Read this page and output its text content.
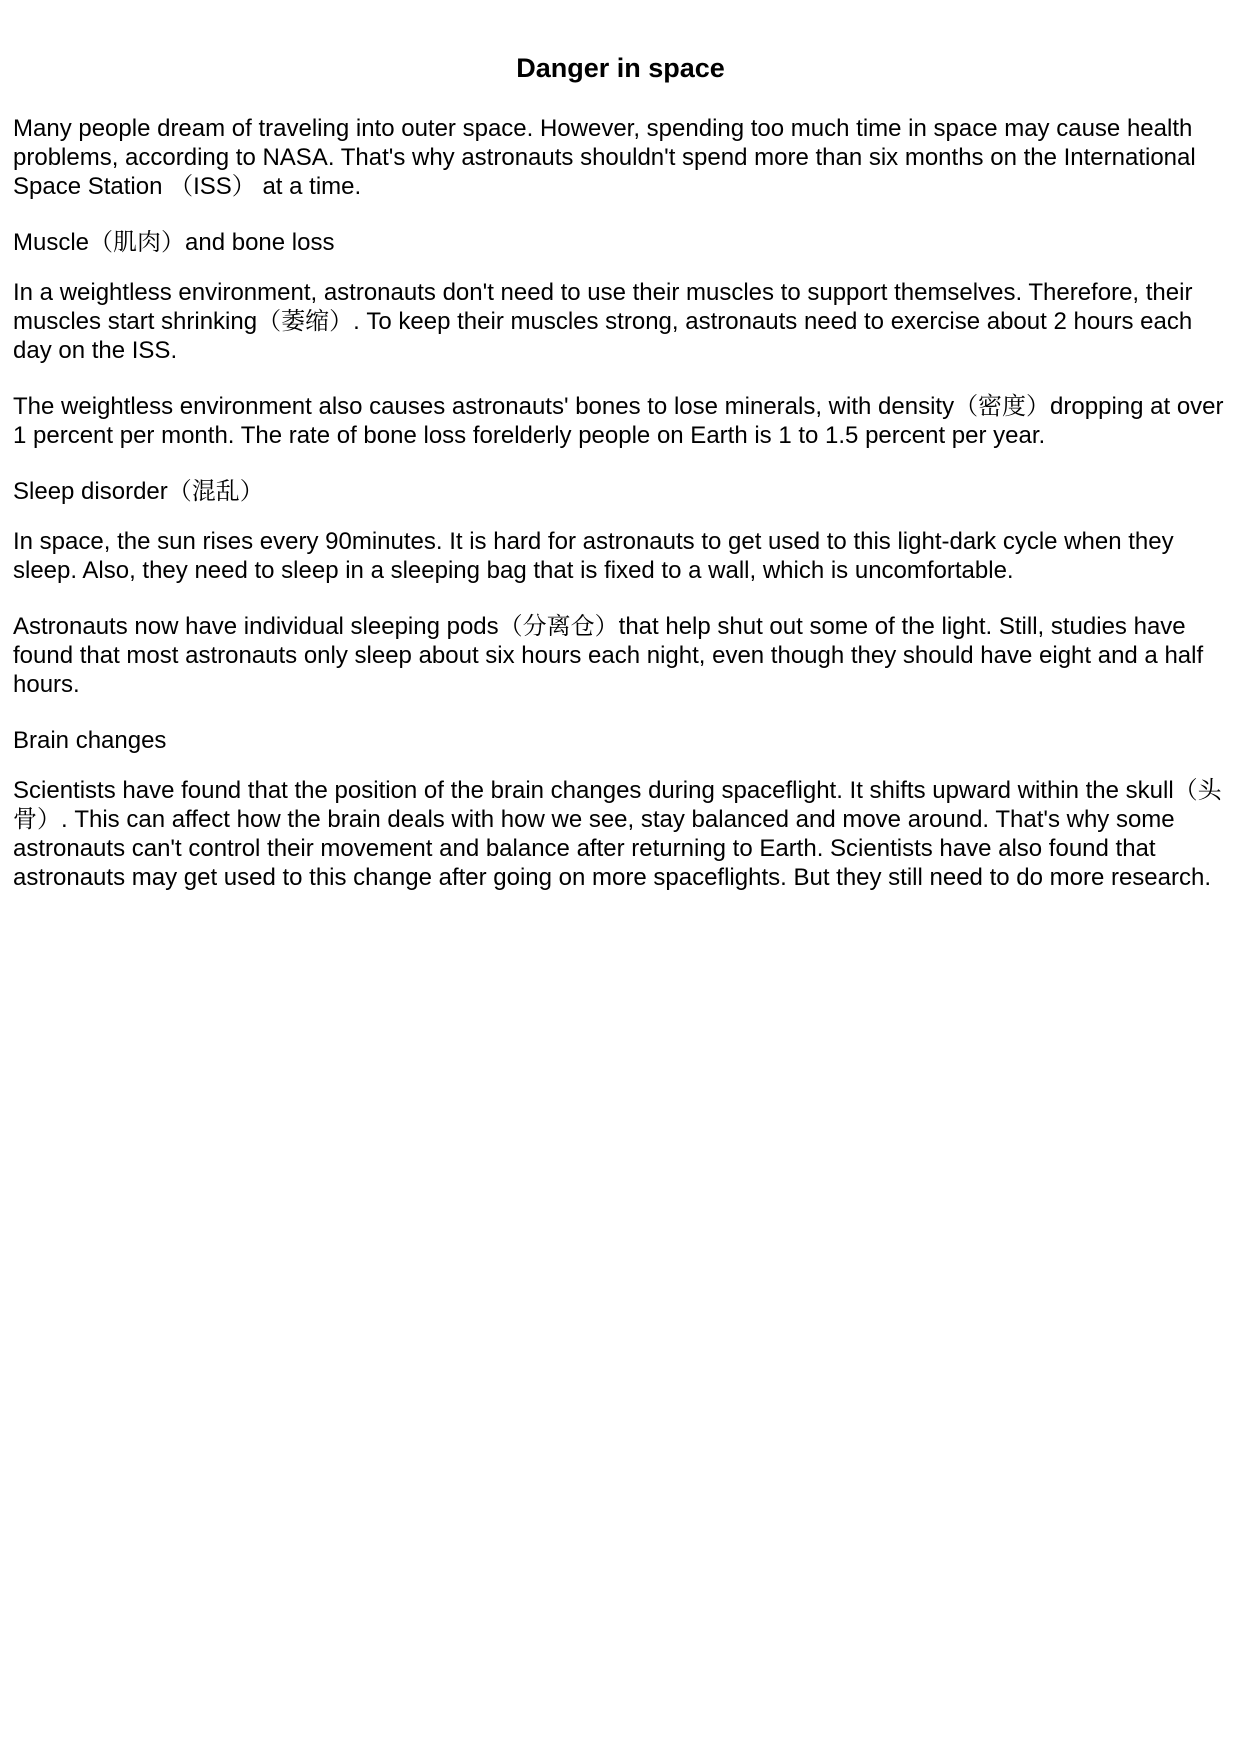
Danger in space

Many people dream of traveling into outer space. However, spending too much time in space may cause health problems, according to NASA. That's why astronauts shouldn't spend more than six months on the International Space Station （ISS） at a time.

Muscle（肌肉）and bone loss

In a weightless environment, astronauts don't need to use their muscles to support themselves. Therefore, their muscles start shrinking（萎缩）. To keep their muscles strong, astronauts need to exercise about 2 hours each day on the ISS.

The weightless environment also causes astronauts' bones to lose minerals, with density（密度）dropping at over 1 percent per month. The rate of bone loss forelderly people on Earth is 1 to 1.5 percent per year.

Sleep disorder（混乱）

In space, the sun rises every 90minutes. It is hard for astronauts to get used to this light-dark cycle when they sleep. Also, they need to sleep in a sleeping bag that is fixed to a wall, which is uncomfortable.

Astronauts now have individual sleeping pods（分离仓）that help shut out some of the light. Still, studies have found that most astronauts only sleep about six hours each night, even though they should have eight and a half hours.

Brain changes

Scientists have found that the position of the brain changes during spaceflight. It shifts upward within the skull（头骨）. This can affect how the brain deals with how we see, stay balanced and move around. That's why some astronauts can't control their movement and balance after returning to Earth. Scientists have also found that astronauts may get used to this change after going on more spaceflights. But they still need to do more research.
